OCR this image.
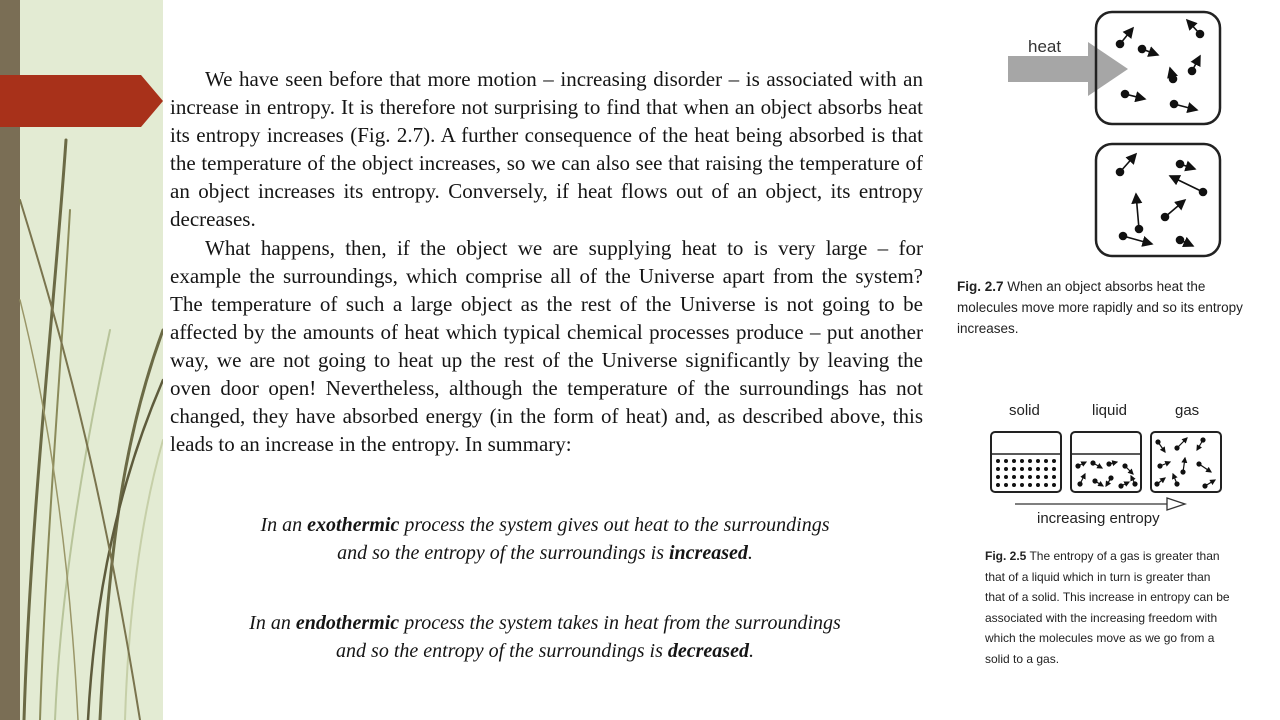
We have seen before that more motion – increasing disorder – is associated with an increase in entropy. It is therefore not surprising to find that when an object absorbs heat its entropy increases (Fig. 2.7). A further consequence of the heat being absorbed is that the temperature of the object increases, so we can also see that raising the temperature of an object increases its entropy. Conversely, if heat flows out of an object, its entropy decreases.

What happens, then, if the object we are supplying heat to is very large – for example the surroundings, which comprise all of the Universe apart from the system? The temperature of such a large object as the rest of the Universe is not going to be affected by the amounts of heat which typical chemical processes produce – put another way, we are not going to heat up the rest of the Universe significantly by leaving the oven door open! Nevertheless, although the temperature of the surroundings has not changed, they have absorbed energy (in the form of heat) and, as described above, this leads to an increase in the entropy. In summary:

In an exothermic process the system gives out heat to the surroundings
and so the entropy of the surroundings is increased.
In an endothermic process the system takes in heat from the surroundings
and so the entropy of the surroundings is decreased.
heat
Fig. 2.7 When an object absorbs heat the molecules move more rapidly and so its entropy increases.
solid	liquid	gas
increasing entropy
Fig. 2.5 The entropy of a gas is greater than that of a liquid which in turn is greater than that of a solid. This increase in entropy can be associated with the increasing freedom with which the molecules move as we go from a solid to a gas.
